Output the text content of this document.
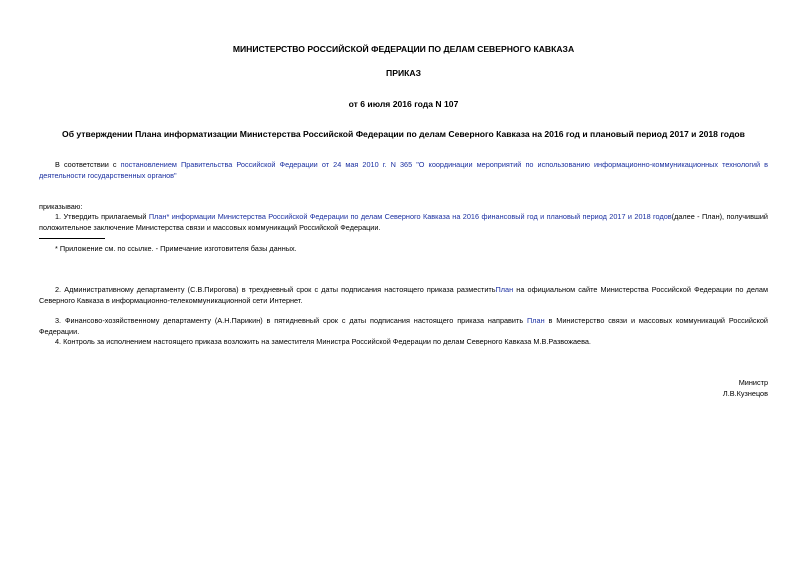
МИНИСТЕРСТВО РОССИЙСКОЙ ФЕДЕРАЦИИ ПО ДЕЛАМ СЕВЕРНОГО КАВКАЗА
ПРИКАЗ
от 6 июля 2016 года N 107
Об утверждении Плана информатизации Министерства Российской Федерации по делам Северного Кавказа на 2016 год и плановый период 2017 и 2018 годов
В соответствии с постановлением Правительства Российской Федерации от 24 мая 2010 г. N 365 "О координации мероприятий по использованию информационно-коммуникационных технологий в деятельности государственных органов"
приказываю:
1. Утвердить прилагаемый План* информации Министерства Российской Федерации по делам Северного Кавказа на 2016 финансовый год и плановый период 2017 и 2018 годов(далее - План), получивший положительное заключение Министерства связи и массовых коммуникаций Российской Федерации.
* Приложение см. по ссылке. - Примечание изготовителя базы данных.
2. Административному департаменту (С.В.Пирогова) в трехдневный срок с даты подписания настоящего приказа разместитьПлан на официальном сайте Министерства Российской Федерации по делам Северного Кавказа в информационно-телекоммуникационной сети Интернет.
3. Финансово-хозяйственному департаменту (А.Н.Парикин) в пятидневный срок с даты подписания настоящего приказа направить План в Министерство связи и массовых коммуникаций Российской Федерации.
4. Контроль за исполнением настоящего приказа возложить на заместителя Министра Российской Федерации по делам Северного Кавказа М.В.Развожаева.
Министр
Л.В.Кузнецов
